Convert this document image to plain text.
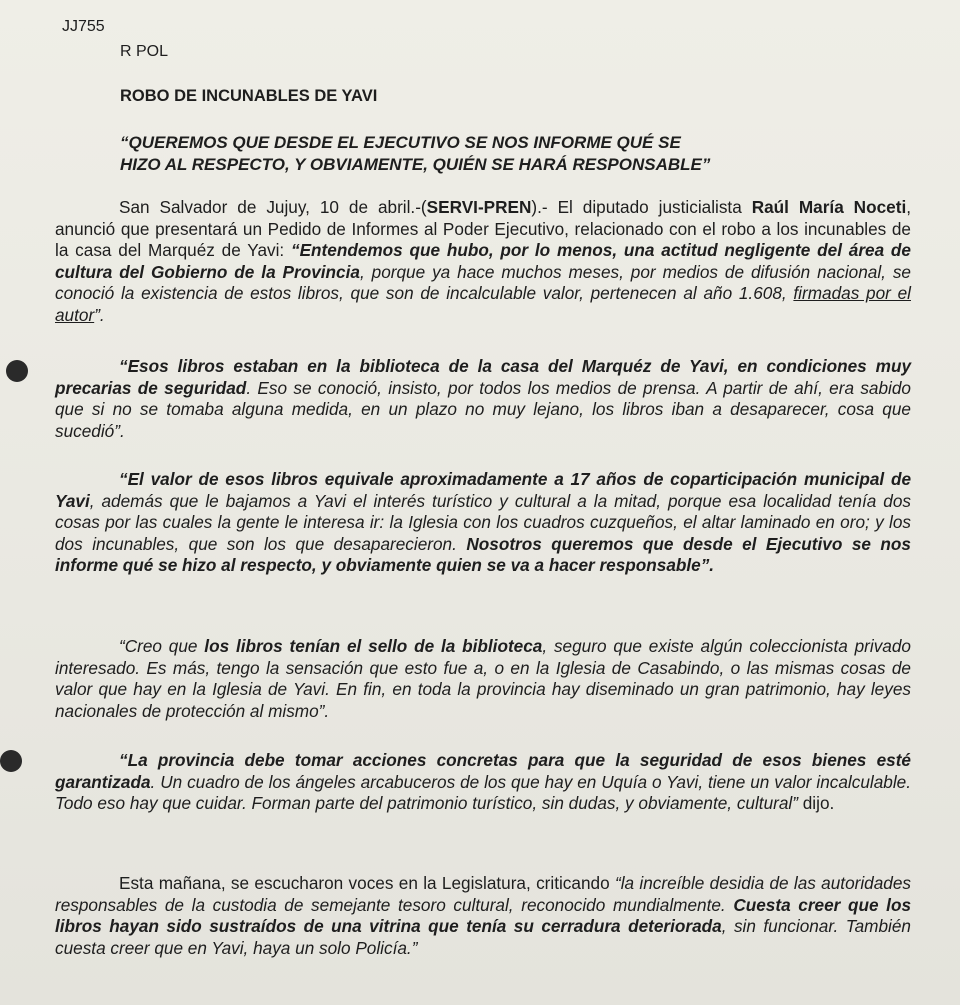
JJ755
R POL
ROBO DE INCUNABLES DE YAVI
“QUEREMOS QUE DESDE EL EJECUTIVO SE NOS INFORME QUÉ SE
HIZO AL RESPECTO, Y OBVIAMENTE, QUIÉN SE HARÁ RESPONSABLE”
San Salvador de Jujuy, 10 de abril.-(SERVI-PREN).- El diputado justicialista Raúl María Noceti, anunció que presentará un Pedido de Informes al Poder Ejecutivo, relacionado con el robo a los incunables de la casa del Marquéz de Yavi: “Entendemos que hubo, por lo menos, una actitud negligente del área de cultura del Gobierno de la Provincia, porque ya hace muchos meses, por medios de difusión nacional, se conoció la existencia de estos libros, que son de incalculable valor, pertenecen al año 1.608, firmadas por el autor”.
“Esos libros estaban en la biblioteca de la casa del Marquéz de Yavi, en condiciones muy precarias de seguridad. Eso se conoció, insisto, por todos los medios de prensa. A partir de ahí, era sabido que si no se tomaba alguna medida, en un plazo no muy lejano, los libros iban a desaparecer, cosa que sucedió”.
“El valor de esos libros equivale aproximadamente a 17 años de coparticipación municipal de Yavi, además que le bajamos a Yavi el interés turístico y cultural a la mitad, porque esa localidad tenía dos cosas por las cuales la gente le interesa ir: la Iglesia con los cuadros cuzqueños, el altar laminado en oro; y los dos incunables, que son los que desaparecieron. Nosotros queremos que desde el Ejecutivo se nos informe qué se hizo al respecto, y obviamente quien se va a hacer responsable”.
“Creo que los libros tenían el sello de la biblioteca, seguro que existe algún coleccionista privado interesado. Es más, tengo la sensación que esto fue a, o en la Iglesia de Casabindo, o las mismas cosas de valor que hay en la Iglesia de Yavi. En fin, en toda la provincia hay diseminado un gran patrimonio, hay leyes nacionales de protección al mismo”.
“La provincia debe tomar acciones concretas para que la seguridad de esos bienes esté garantizada. Un cuadro de los ángeles arcabuceros de los que hay en Uquía o Yavi, tiene un valor incalculable. Todo eso hay que cuidar. Forman parte del patrimonio turístico, sin dudas, y obviamente, cultural” dijo.
Esta mañana, se escucharon voces en la Legislatura, criticando “la increíble desidia de las autoridades responsables de la custodia de semejante tesoro cultural, reconocido mundialmente. Cuesta creer que los libros hayan sido sustraídos de una vitrina que tenía su cerradura deteriorada, sin funcionar. También cuesta creer que en Yavi, haya un solo Policía.”
